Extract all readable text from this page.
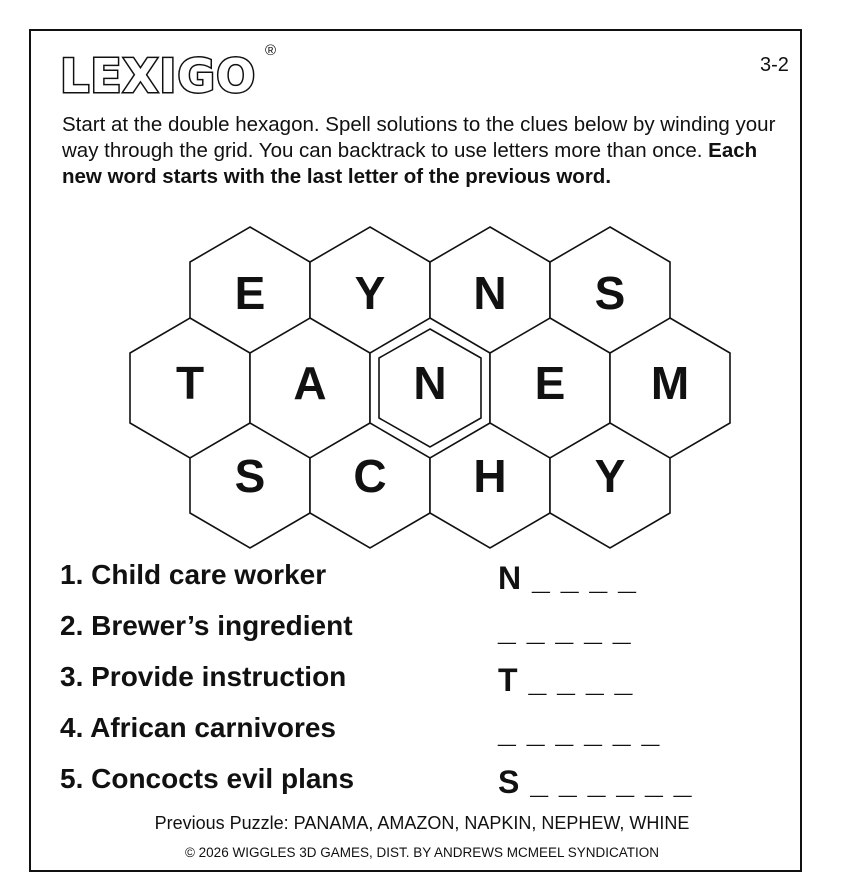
LEXIGO ®
3-2
Start at the double hexagon. Spell solutions to the clues below by winding your way through the grid. You can backtrack to use letters more than once. Each new word starts with the last letter of the previous word.
E Y N S
S C H Y
T A N E M
1. Child care worker	N _ _ _ _
2. Brewer’s ingredient	_ _ _ _ _
3. Provide instruction	T _ _ _ _
4. African carnivores	_ _ _ _ _ _
5. Concocts evil plans	S _ _ _ _ _ _
Previous Puzzle: PANAMA, AMAZON, NAPKIN, NEPHEW, WHINE
© 2026 WIGGLES 3D GAMES, DIST. BY ANDREWS MCMEEL SYNDICATION
